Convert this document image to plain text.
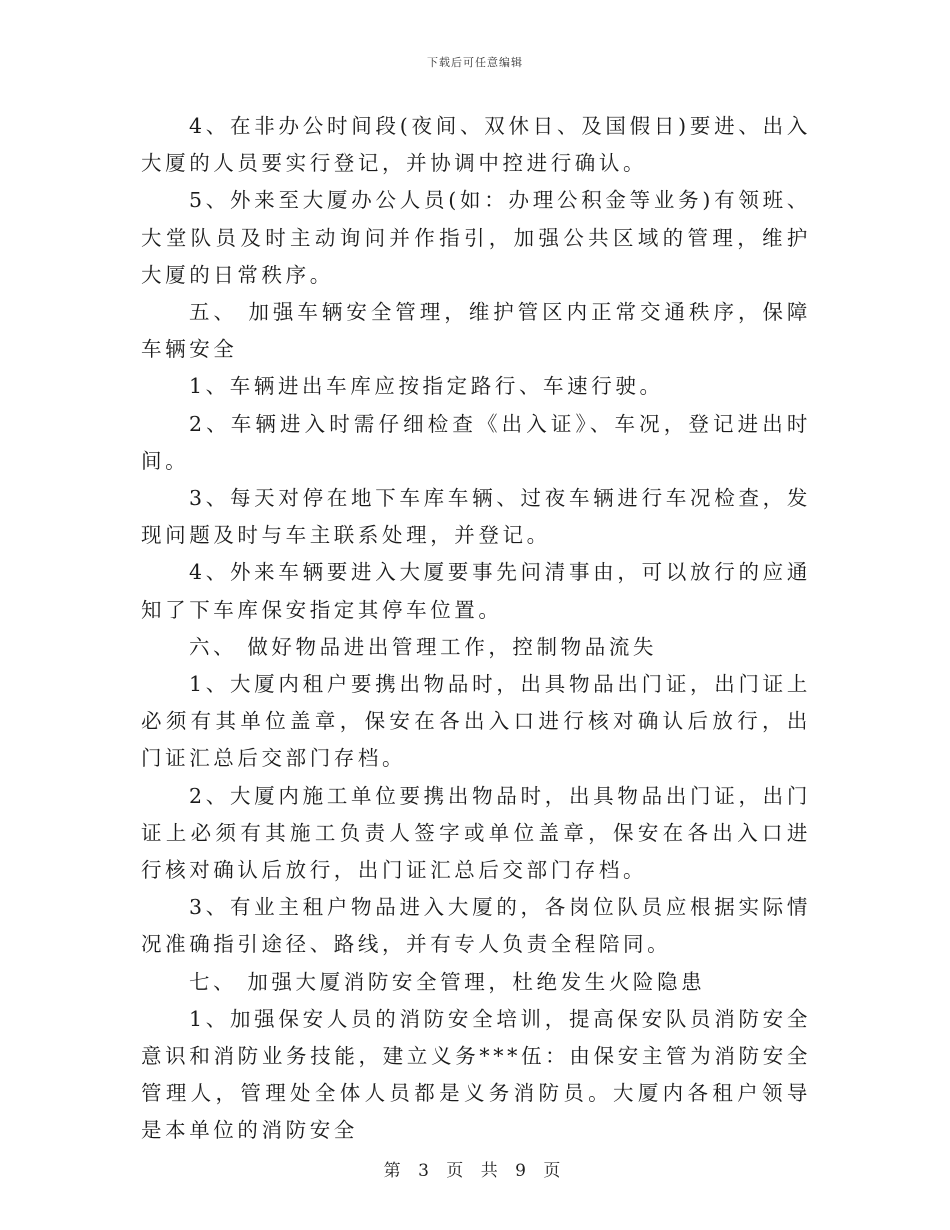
下载后可任意编辑

4、在非办公时间段(夜间、双休日、及国假日)要进、出入大厦的人员要实行登记，并协调中控进行确认。

5、外来至大厦办公人员(如：办理公积金等业务)有领班、大堂队员及时主动询问并作指引，加强公共区域的管理，维护大厦的日常秩序。

五、 加强车辆安全管理，维护管区内正常交通秩序，保障车辆安全

1、车辆进出车库应按指定路行、车速行驶。

2、车辆进入时需仔细检查《出入证》、车况，登记进出时间。

3、每天对停在地下车库车辆、过夜车辆进行车况检查，发现问题及时与车主联系处理，并登记。

4、外来车辆要进入大厦要事先问清事由，可以放行的应通知了下车库保安指定其停车位置。

六、 做好物品进出管理工作，控制物品流失

1、大厦内租户要携出物品时，出具物品出门证，出门证上必须有其单位盖章，保安在各出入口进行核对确认后放行，出门证汇总后交部门存档。

2、大厦内施工单位要携出物品时，出具物品出门证，出门证上必须有其施工负责人签字或单位盖章，保安在各出入口进行核对确认后放行，出门证汇总后交部门存档。

3、有业主租户物品进入大厦的，各岗位队员应根据实际情况准确指引途径、路线，并有专人负责全程陪同。

七、 加强大厦消防安全管理，杜绝发生火险隐患

1、加强保安人员的消防安全培训，提高保安队员消防安全意识和消防业务技能，建立义务***伍：由保安主管为消防安全管理人，管理处全体人员都是义务消防员。大厦内各租户领导是本单位的消防安全

第 3 页 共 9 页
